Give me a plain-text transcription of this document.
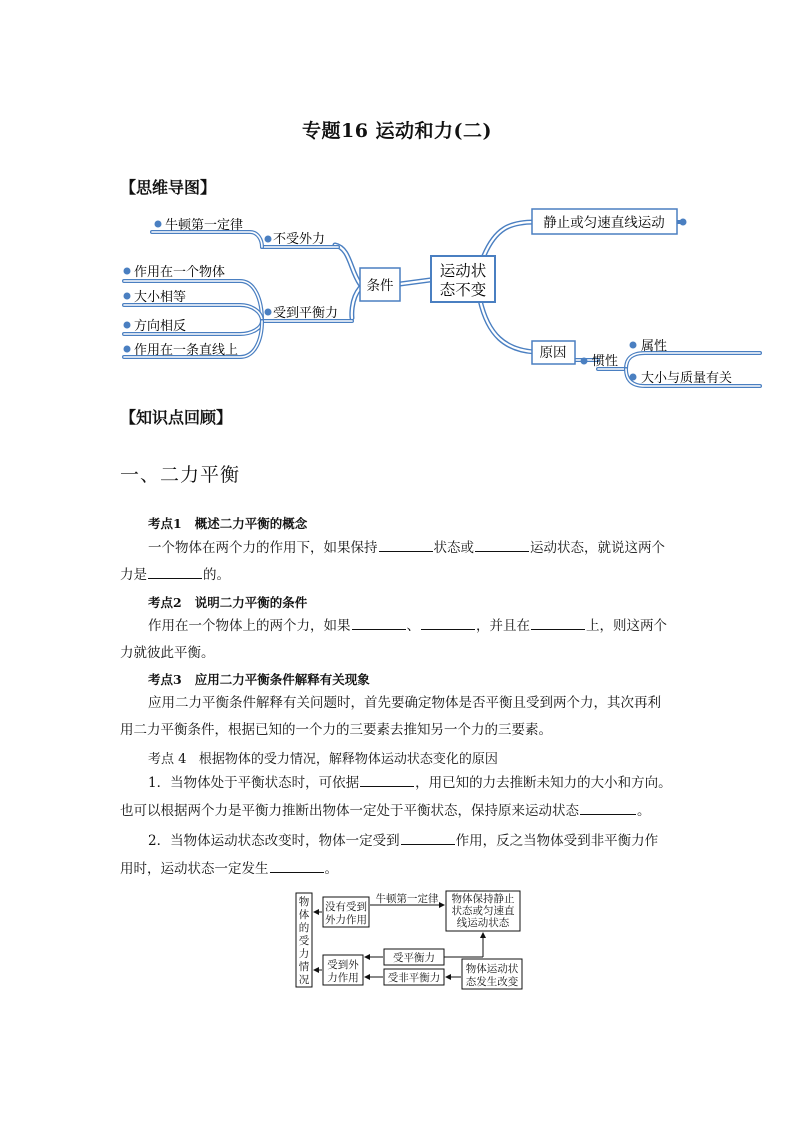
专题16 运动和力(二)
【思维导图】
运动状
态不变
条件
静止或匀速直线运动
原因
牛顿第一定律
不受外力
作用在一个物体
大小相等
方向相反
作用在一条直线上
受到平衡力
惯性
属性
大小与质量有关
【知识点回顾】
一、二力平衡
考点1 概述二力平衡的概念
一个物体在两个力的作用下，如果保持	状态或	运动状态，就说这两个
力是	的。
考点2 说明二力平衡的条件
作用在一个物体上的两个力，如果	、	，并且在	上，则这两个
力就彼此平衡。
考点3 应用二力平衡条件解释有关现象
应用二力平衡条件解释有关问题时，首先要确定物体是否平衡且受到两个力，其次再利
用二力平衡条件，根据已知的一个力的三要素去推知另一个力的三要素。
考点 4 根据物体的受力情况，解释物体运动状态变化的原因
1．当物体处于平衡状态时，可依据	，用已知的力去推断未知力的大小和方向。
也可以根据两个力是平衡力推断出物体一定处于平衡状态，保持原来运动状态	。
2．当物体运动状态改变时，物体一定受到	作用，反之当物体受到非平衡力作
用时，运动状态一定发生	。
物
体
的
受
力
情
况
没有受到
外力作用
牛顿第一定律 物体保持静止
状态或匀速直
线运动状态
受到外
力作用
受平衡力
受非平衡力
物体运动状
态发生改变
